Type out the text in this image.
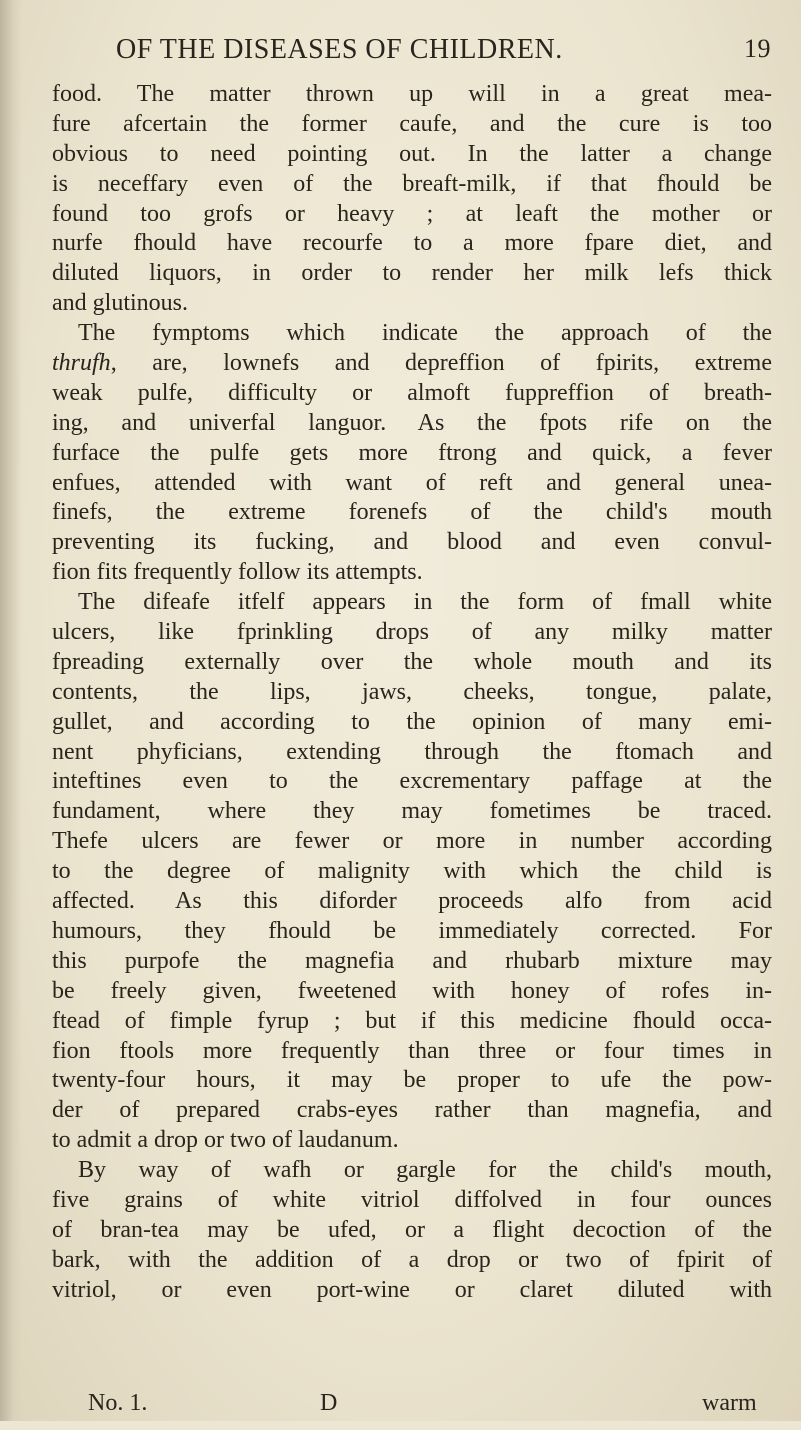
OF THE DISEASES OF CHILDREN.	19
food. The matter thrown up will in a great mea-
fure afcertain the former caufe, and the cure is too
obvious to need pointing out. In the latter a change
is neceffary even of the breaft-milk, if that fhould be
found too grofs or heavy ; at leaft the mother or
nurfe fhould have recourfe to a more fpare diet, and
diluted liquors, in order to render her milk lefs thick
and glutinous.
The fymptoms which indicate the approach of the
thrufh, are, lownefs and depreffion of fpirits, extreme
weak pulfe, difficulty or almoft fuppreffion of breath-
ing, and univerfal languor. As the fpots rife on the
furface the pulfe gets more ftrong and quick, a fever
enfues, attended with want of reft and general unea-
finefs, the extreme forenefs of the child's mouth
preventing its fucking, and blood and even convul-
fion fits frequently follow its attempts.
The difeafe itfelf appears in the form of fmall white
ulcers, like fprinkling drops of any milky matter
fpreading externally over the whole mouth and its
contents, the lips, jaws, cheeks, tongue, palate,
gullet, and according to the opinion of many emi-
nent phyficians, extending through the ftomach and
inteftines even to the excrementary paffage at the
fundament, where they may fometimes be traced.
Thefe ulcers are fewer or more in number according
to the degree of malignity with which the child is
affected. As this diforder proceeds alfo from acid
humours, they fhould be immediately corrected. For
this purpofe the magnefia and rhubarb mixture may
be freely given, fweetened with honey of rofes in-
ftead of fimple fyrup ; but if this medicine fhould occa-
fion ftools more frequently than three or four times in
twenty-four hours, it may be proper to ufe the pow-
der of prepared crabs-eyes rather than magnefia, and
to admit a drop or two of laudanum.
By way of wafh or gargle for the child's mouth,
five grains of white vitriol diffolved in four ounces
of bran-tea may be ufed, or a flight decoction of the
bark, with the addition of a drop or two of fpirit of
vitriol, or even port-wine or claret diluted with
No. 1.	D	warm
